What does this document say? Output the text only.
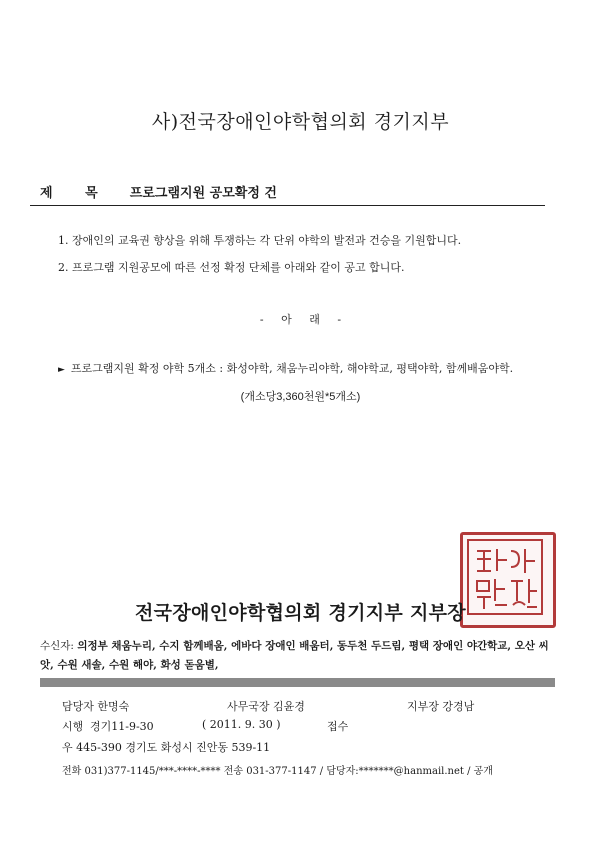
사)전국장애인야학협의회 경기지부
제 목 프로그램지원 공모확정 건
1. 장애인의 교육권 향상을 위해 투쟁하는 각 단위 야학의 발전과 건승을 기원합니다.
2. 프로그램 지원공모에 따른 선정 확정 단체를 아래와 같이 공고 합니다.
- 아 래 -
► 프로그램지원 확정 야학 5개소 : 화성야학, 채움누리야학, 해야학교, 평택야학, 함께배움야학.
(개소당3,360천원*5개소)
전국장애인야학협의회 경기지부 지부장
수신자: 의정부 채움누리, 수지 함께배움, 에바다 장애인 배움터, 동두천 두드림, 평택 장애인 야간학교, 오산 씨앗, 수원 새솔, 수원 해야, 화성 돋움별,
담당자 한명숙	사무국장 김윤경	지부장 강경남
시행 경기11-9-30	( 2011. 9. 30 )	접수
우 445-390 경기도 화성시 진안동 539-11
전화 031)377-1145/***-****-**** 전송 031-377-1147 / 담당자:*******@hanmail.net / 공개
